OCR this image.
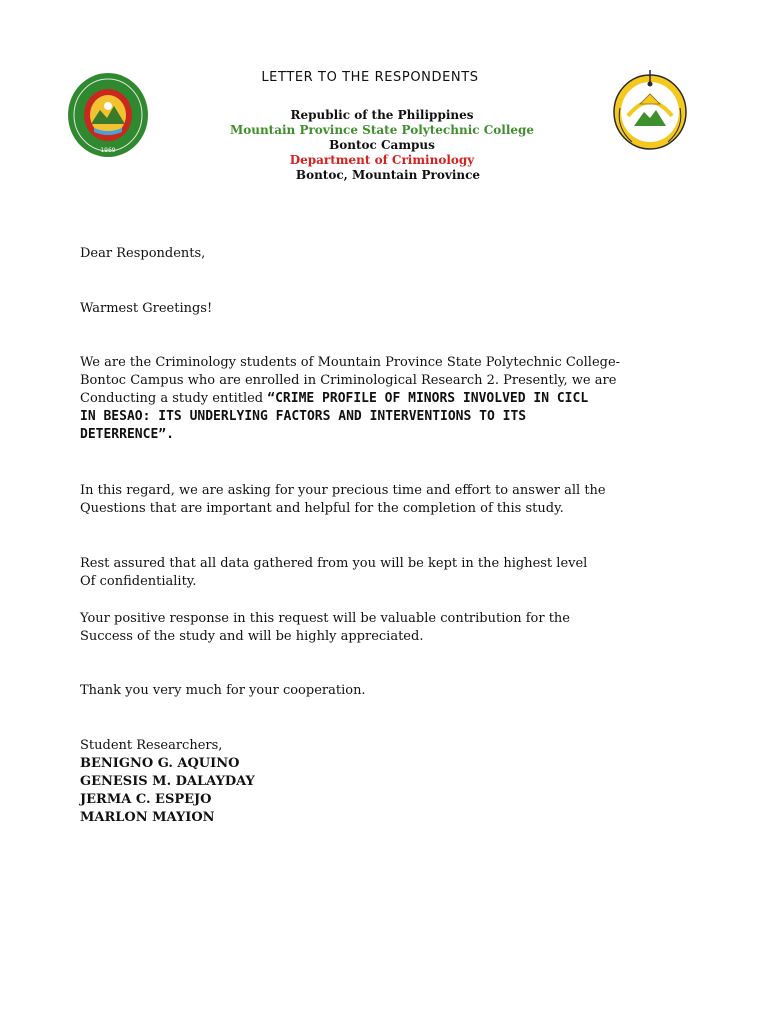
1969
LETTER TO THE RESPONDENTS
Republic of the Philippines
Mountain Province State Polytechnic College
Bontoc Campus
Department of Criminology
Bontoc, Mountain Province
Dear Respondents,
Warmest Greetings!
We are the Criminology students of Mountain Province State Polytechnic College-
Bontoc Campus who are enrolled in Criminological Research 2. Presently, we are
Conducting a study entitled “CRIME PROFILE OF MINORS INVOLVED IN CICL
IN BESAO: ITS UNDERLYING FACTORS AND INTERVENTIONS TO ITS
DETERRENCE”.
In this regard, we are asking for your precious time and effort to answer all the
Questions that are important and helpful for the completion of this study.
Rest assured that all data gathered from you will be kept in the highest level
Of confidentiality.
Your positive response in this request will be valuable contribution for the
Success of the study and will be highly appreciated.
Thank you very much for your cooperation.
Student Researchers,
BENIGNO G. AQUINO
GENESIS M. DALAYDAY
JERMA C. ESPEJO
MARLON MAYION
